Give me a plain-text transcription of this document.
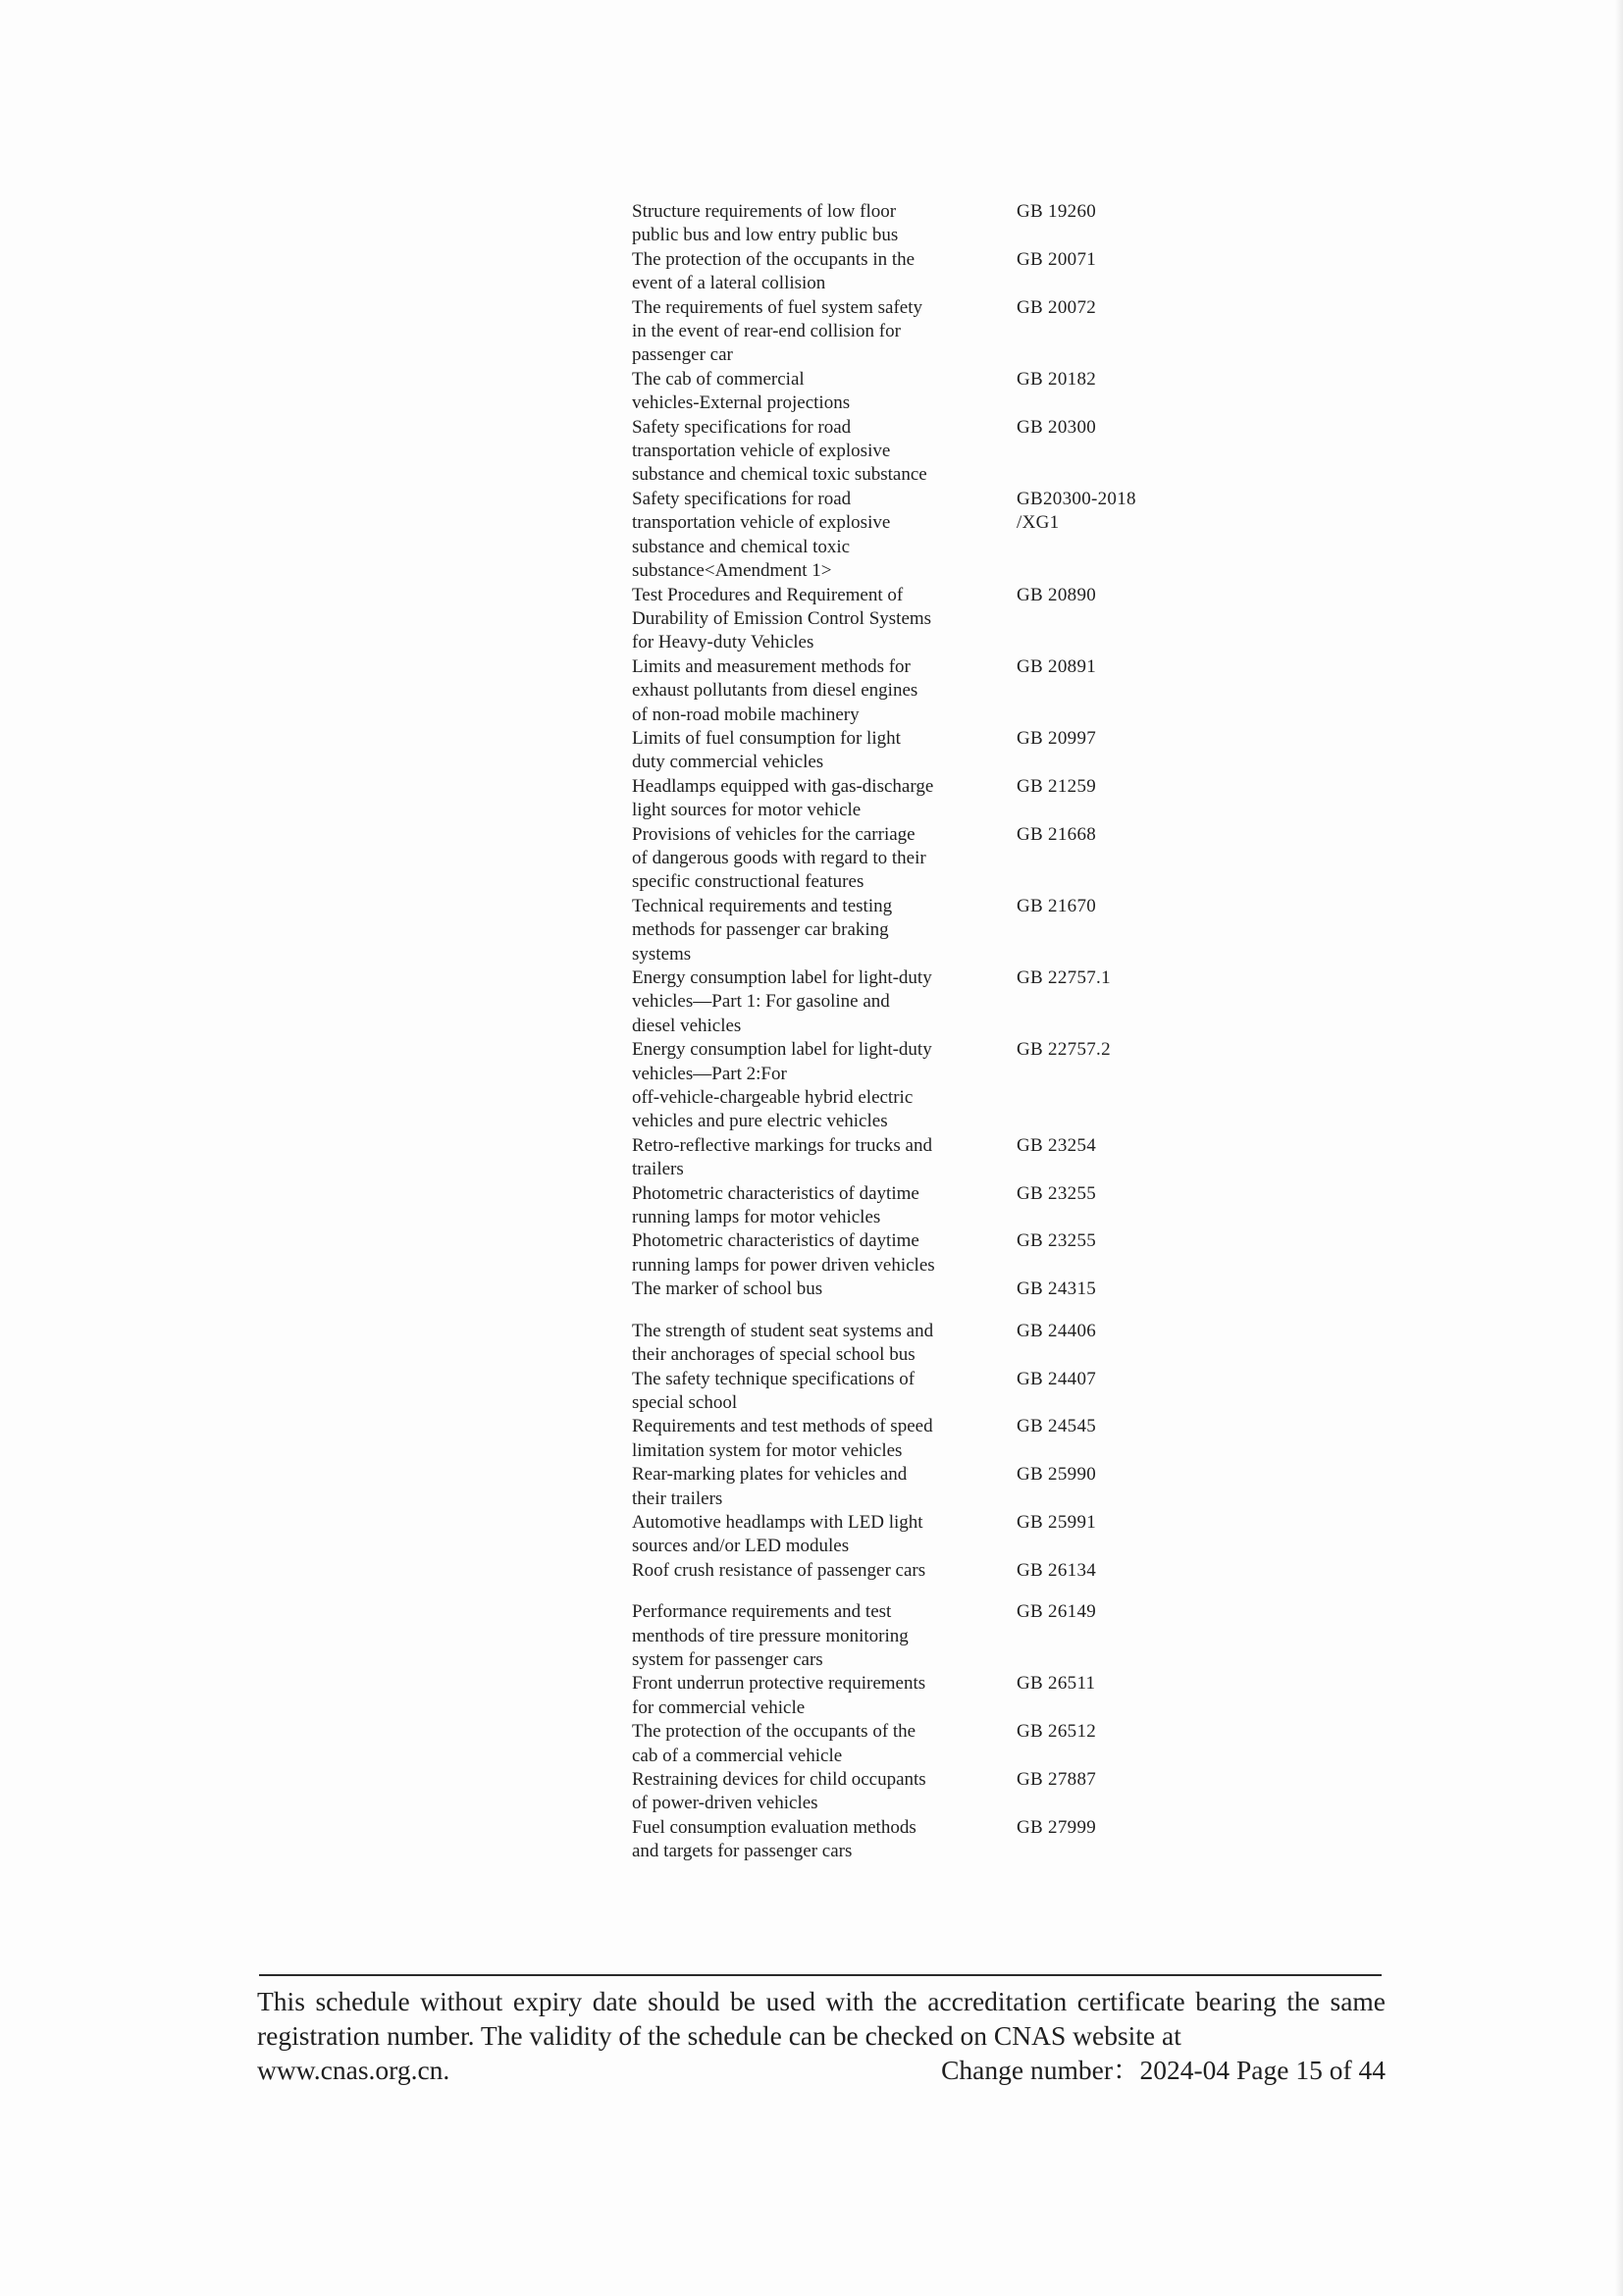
Structure requirements of low floor
public bus and low entry public bus
GB 19260
The protection of the occupants in the
event of a lateral collision
GB 20071
The requirements of fuel system safety
in the event of rear-end collision for
passenger car
GB 20072
The cab of commercial
vehicles-External projections
GB 20182
Safety specifications for road
transportation vehicle of explosive
substance and chemical toxic substance
GB 20300
Safety specifications for road
transportation vehicle of explosive
substance and chemical toxic
substance<Amendment 1>
GB20300-2018
/XG1
Test Procedures and Requirement of
Durability of Emission Control Systems
for Heavy-duty Vehicles
GB 20890
Limits and measurement methods for
exhaust pollutants from diesel engines
of non-road mobile machinery
GB 20891
Limits of fuel consumption for light
duty commercial vehicles
GB 20997
Headlamps equipped with gas-discharge
light sources for motor vehicle
GB 21259
Provisions of vehicles for the carriage
of dangerous goods with regard to their
specific constructional features
GB 21668
Technical requirements and testing
methods for passenger car braking
systems
GB 21670
Energy consumption label for light-duty
vehicles—Part 1: For gasoline and
diesel vehicles
GB 22757.1
Energy consumption label for light-duty
vehicles—Part 2:For
off-vehicle-chargeable hybrid electric
vehicles and pure electric vehicles
GB 22757.2
Retro-reflective markings for trucks and
trailers
GB 23254
Photometric characteristics of daytime
running lamps for motor vehicles
GB 23255
Photometric characteristics of daytime
running lamps for power driven vehicles
GB 23255
The marker of school bus	GB 24315
The strength of student seat systems and
their anchorages of special school bus
GB 24406
The safety technique specifications of
special school
GB 24407
Requirements and test methods of speed
limitation system for motor vehicles
GB 24545
Rear-marking plates for vehicles and
their trailers
GB 25990
Automotive headlamps with LED light
sources and/or LED modules
GB 25991
Roof crush resistance of passenger cars	GB 26134
Performance requirements and test
menthods of tire pressure monitoring
system for passenger cars
GB 26149
Front underrun protective requirements
for commercial vehicle
GB 26511
The protection of the occupants of the
cab of a commercial vehicle
GB 26512
Restraining devices for child occupants
of power-driven vehicles
GB 27887
Fuel consumption evaluation methods
and targets for passenger cars
GB 27999
This schedule without expiry date should be used with the accreditation certificate bearing the same registration number. The validity of the schedule can be checked on CNAS website at
www.cnas.org.cn.	Change number：2024-04 Page 15 of 44
